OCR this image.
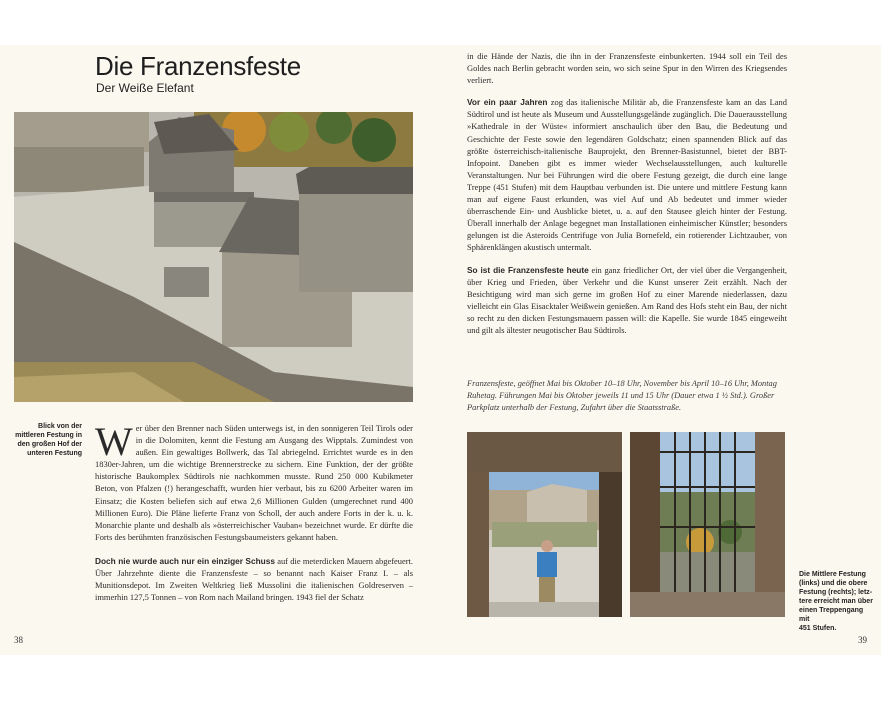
Die Franzensfeste
Der Weiße Elefant
Blick von der
mittleren Festung in
den großen Hof der
unteren Festung Wer über den Brenner nach Süden unterwegs ist, in den sonnigeren Teil Tirols oder in die Dolomiten, kennt die Festung am Ausgang des Wipptals. Zumindest von außen. Ein gewaltiges Bollwerk, das Tal abriegelnd. Errichtet wurde es in den 1830er-Jahren, um die wichtige Brennerstrecke zu sichern. Eine Funktion, der der größte historische Baukomplex Südtirols nie nachkommen musste. Rund 250 000 Kubikmeter Beton, von Pfalzen (!) herangeschafft, wurden hier verbaut, bis zu 6200 Arbeiter waren im Einsatz; die Kosten beliefen sich auf etwa 2,6 Millionen Gulden (umgerechnet rund 400 Millionen Euro). Die Pläne lieferte Franz von Scholl, der auch andere Forts in der k. u. k. Monarchie plante und deshalb als »österreichischer Vauban« bezeichnet wurde. Er dürfte die Forts des berühmten französischen Festungsbaumeisters gekannt haben.

Doch nie wurde auch nur ein einziger Schuss auf die meterdicken Mauern abgefeuert. Über Jahrzehnte diente die Franzensfeste – so benannt nach Kaiser Franz I. – als Munitionsdepot. Im Zweiten Weltkrieg ließ Mussolini die italienischen Goldreserven – immerhin 127,5 Tonnen – von Rom nach Mailand bringen. 1943 fiel der Schatz

38

in die Hände der Nazis, die ihn in der Franzensfeste einbunkerten. 1944 soll ein Teil des Goldes nach Berlin gebracht worden sein, wo sich seine Spur in den Wirren des Kriegsendes verliert.

Vor ein paar Jahren zog das italienische Militär ab, die Franzensfeste kam an das Land Südtirol und ist heute als Museum und Ausstellungsgelände zugänglich. Die Dauerausstellung »Kathedrale in der Wüste« informiert anschaulich über den Bau, die Bedeutung und Geschichte der Feste sowie den legendären Goldschatz; einen spannenden Blick auf das größte österreichisch-italienische Bauprojekt, den Brenner-Basistunnel, bietet der BBT-Infopoint. Daneben gibt es immer wieder Wechselausstellungen, auch kulturelle Veranstaltungen. Nur bei Führungen wird die obere Festung gezeigt, die durch eine lange Treppe (451 Stufen) mit dem Hauptbau verbunden ist. Die untere und mittlere Festung kann man auf eigene Faust erkunden, was viel Auf und Ab bedeutet und immer wieder überraschende Ein- und Ausblicke bietet, u. a. auf den Stausee gleich hinter der Festung. Überall innerhalb der Anlage begegnet man Installationen einheimischer Künstler; besonders gelungen ist die Asteroids Centrifuge von Julia Bornefeld, ein rotierender Lichtzauber, von Sphärenklängen akustisch untermalt.

So ist die Franzensfeste heute ein ganz friedlicher Ort, der viel über die Vergangenheit, über Krieg und Frieden, über Verkehr und die Kunst unserer Zeit erzählt. Nach der Besichtigung wird man sich gerne im großen Hof zu einer Marende niederlassen, dazu vielleicht ein Glas Eisacktaler Weißwein genießen. Am Rand des Hofs steht ein Bau, der nicht so recht zu den dicken Festungsmauern passen will: die Kapelle. Sie wurde 1845 eingeweiht und gilt als ältester neugotischer Bau Südtirols.

Franzensfeste, geöffnet Mai bis Oktober 10–18 Uhr, November bis April 10–16 Uhr, Montag Ruhetag. Führungen Mai bis Oktober jeweils 11 und 15 Uhr (Dauer etwa 1 ½ Std.). Großer Parkplatz unterhalb der Festung, Zufahrt über die Staatsstraße.
Die Mittlere Festung
(links) und die obere
Festung (rechts); letz-
tere erreicht man über
einen Treppengang mit
451 Stufen.
39
